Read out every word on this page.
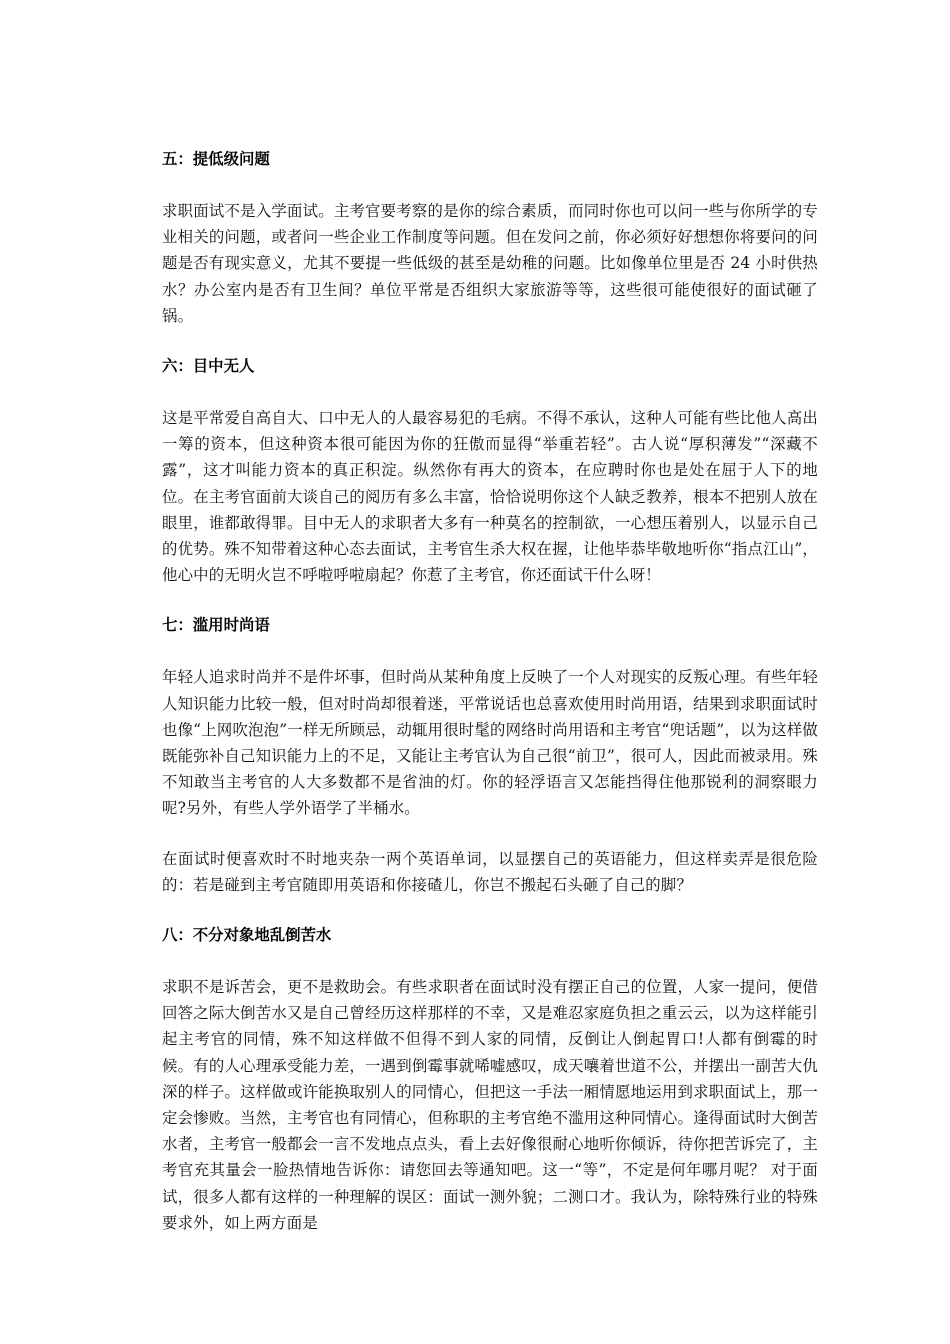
五：提低级问题

求职面试不是入学面试。主考官要考察的是你的综合素质，而同时你也可以问一些与你所学的专业相关的问题，或者问一些企业工作制度等问题。但在发问之前，你必须好好想想你将要问的问题是否有现实意义，尤其不要提一些低级的甚至是幼稚的问题。比如像单位里是否 24 小时供热水？办公室内是否有卫生间？单位平常是否组织大家旅游等等，这些很可能使很好的面试砸了锅。

六：目中无人

这是平常爱自高自大、口中无人的人最容易犯的毛病。不得不承认，这种人可能有些比他人高出一筹的资本，但这种资本很可能因为你的狂傲而显得“举重若轻”。古人说“厚积薄发”“深藏不露”，这才叫能力资本的真正积淀。纵然你有再大的资本，在应聘时你也是处在屈于人下的地位。在主考官面前大谈自己的阅历有多么丰富，恰恰说明你这个人缺乏教养，根本不把别人放在眼里，谁都敢得罪。目中无人的求职者大多有一种莫名的控制欲，一心想压着别人，以显示自己的优势。殊不知带着这种心态去面试，主考官生杀大权在握，让他毕恭毕敬地听你“指点江山”，他心中的无明火岂不呼啦呼啦扇起？你惹了主考官，你还面试干什么呀！

七：滥用时尚语

年轻人追求时尚并不是件坏事，但时尚从某种角度上反映了一个人对现实的反叛心理。有些年轻人知识能力比较一般，但对时尚却很着迷，平常说话也总喜欢使用时尚用语，结果到求职面试时也像“上网吹泡泡”一样无所顾忌，动辄用很时髦的网络时尚用语和主考官“兜话题”，以为这样做既能弥补自己知识能力上的不足，又能让主考官认为自己很“前卫”，很可人，因此而被录用。殊不知敢当主考官的人大多数都不是省油的灯。你的轻浮语言又怎能挡得住他那锐利的洞察眼力呢?另外，有些人学外语学了半桶水。

在面试时便喜欢时不时地夹杂一两个英语单词，以显摆自己的英语能力，但这样卖弄是很危险的：若是碰到主考官随即用英语和你接碴儿，你岂不搬起石头砸了自己的脚？

八：不分对象地乱倒苦水

求职不是诉苦会，更不是救助会。有些求职者在面试时没有摆正自己的位置，人家一提问，便借回答之际大倒苦水又是自己曾经历这样那样的不幸，又是难忍家庭负担之重云云，以为这样能引起主考官的同情，殊不知这样做不但得不到人家的同情，反倒让人倒起胃口!人都有倒霉的时候。有的人心理承受能力差，一遇到倒霉事就唏嘘感叹，成天嚷着世道不公，并摆出一副苦大仇深的样子。这样做或许能换取别人的同情心，但把这一手法一厢情愿地运用到求职面试上，那一定会惨败。当然，主考官也有同情心，但称职的主考官绝不滥用这种同情心。逢得面试时大倒苦水者，主考官一般都会一言不发地点点头，看上去好像很耐心地听你倾诉，待你把苦诉完了，主考官充其量会一脸热情地告诉你：请您回去等通知吧。这一“等”，不定是何年哪月呢？ 对于面试，很多人都有这样的一种理解的误区：面试一测外貌；二测口才。我认为，除特殊行业的特殊要求外，如上两方面是
